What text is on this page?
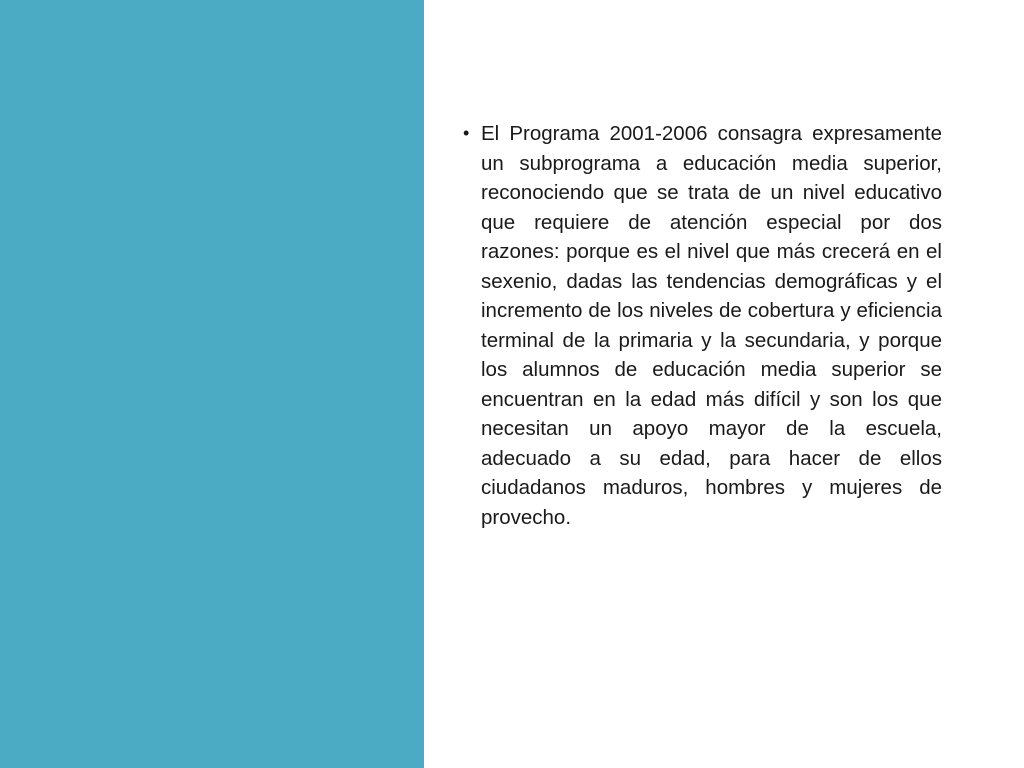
• El Programa 2001-2006 consagra expresamente un subprograma a educación media superior, reconociendo que se trata de un nivel educativo que requiere de atención especial por dos razones: porque es el nivel que más crecerá en el sexenio, dadas las tendencias demográficas y el incremento de los niveles de cobertura y eficiencia terminal de la primaria y la secundaria, y porque los alumnos de educación media superior se encuentran en la edad más difícil y son los que necesitan un apoyo mayor de la escuela, adecuado a su edad, para hacer de ellos ciudadanos maduros, hombres y mujeres de provecho.
